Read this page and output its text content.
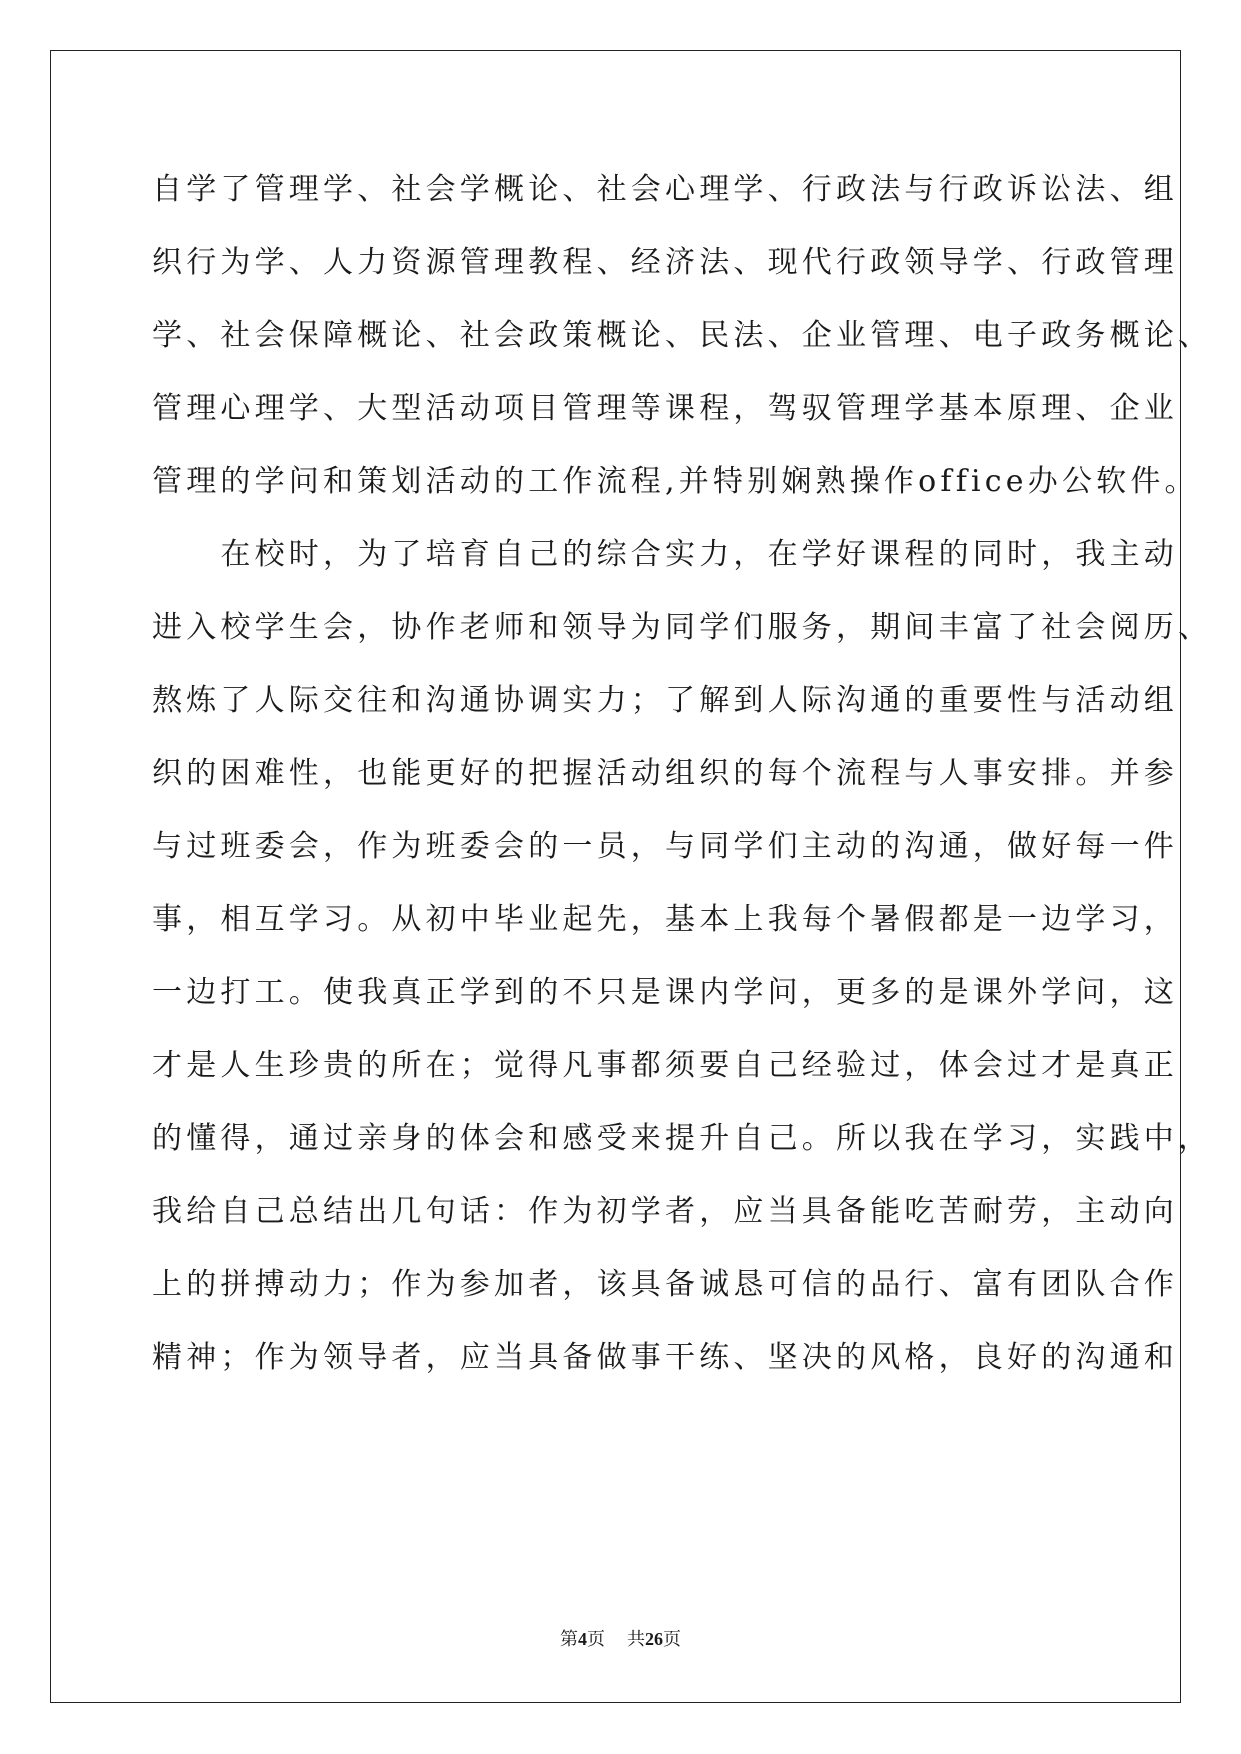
自学了管理学、社会学概论、社会心理学、行政法与行政诉讼法、组
织行为学、人力资源管理教程、经济法、现代行政领导学、行政管理
学、社会保障概论、社会政策概论、民法、企业管理、电子政务概论、
管理心理学、大型活动项目管理等课程，驾驭管理学基本原理、企业
管理的学问和策划活动的工作流程,并特别娴熟操作office办公软件。
　　在校时，为了培育自己的综合实力，在学好课程的同时，我主动
进入校学生会，协作老师和领导为同学们服务，期间丰富了社会阅历、
熬炼了人际交往和沟通协调实力；了解到人际沟通的重要性与活动组
织的困难性，也能更好的把握活动组织的每个流程与人事安排。并参
与过班委会，作为班委会的一员，与同学们主动的沟通，做好每一件
事，相互学习。从初中毕业起先，基本上我每个暑假都是一边学习，
一边打工。使我真正学到的不只是课内学问，更多的是课外学问，这
才是人生珍贵的所在；觉得凡事都须要自己经验过，体会过才是真正
的懂得，通过亲身的体会和感受来提升自己。所以我在学习，实践中，
我给自己总结出几句话：作为初学者，应当具备能吃苦耐劳，主动向
上的拼搏动力；作为参加者，该具备诚恳可信的品行、富有团队合作
精神；作为领导者，应当具备做事干练、坚决的风格，良好的沟通和
第4页 共26页
